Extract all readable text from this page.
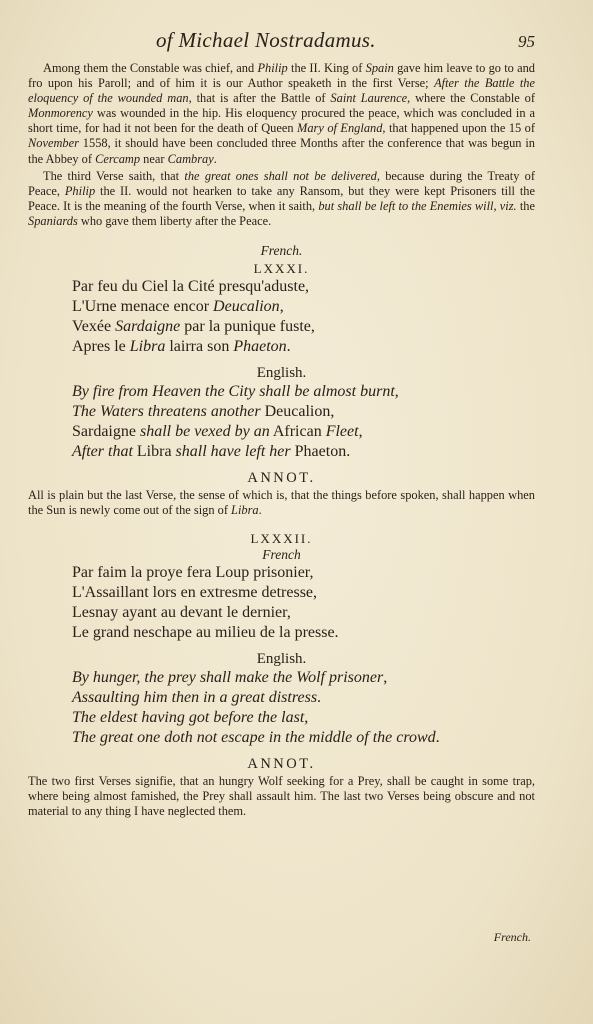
of Michael Nostradamus.	95

Among them the Constable was chief, and Philip the II. King of Spain gave him leave to go to and fro upon his Paroll; and of him it is our Author speaketh in the first Verse; After the Battle the eloquency of the wounded man, that is after the Battle of Saint Laurence, where the Constable of Monmorency was wounded in the hip. His eloquency procured the peace, which was concluded in a short time, for had it not been for the death of Queen Mary of England, that happened upon the 15 of November 1558, it should have been concluded three Months after the conference that was begun in the Abbey of Cercamp near Cambray.

The third Verse saith, that the great ones shall not be delivered, because during the Treaty of Peace, Philip the II. would not hearken to take any Ransom, but they were kept Prisoners till the Peace. It is the meaning of the fourth Verse, when it saith, but shall be left to the Enemies will, viz. the Spaniards who gave them liberty after the Peace.

French.
LXXXI.
Par feu du Ciel la Cité presqu'aduste,
L'Urne menace encor Deucalion,
Vexée Sardaigne par la punique fuste,
Apres le Libra lairra son Phaeton.
English.
By fire from Heaven the City shall be almost burnt,
The Waters threatens another Deucalion,
Sardaigne shall be vexed by an African Fleet,
After that Libra shall have left her Phaeton.
ANNOT.

All is plain but the last Verse, the sense of which is, that the things before spoken, shall happen when the Sun is newly come out of the sign of Libra.

LXXXII.
French
Par faim la proye fera Loup prisonier,
L'Assaillant lors en extresme detresse,
Lesnay ayant au devant le dernier,
Le grand neschape au milieu de la presse.
English.
By hunger, the prey shall make the Wolf prisoner,
Assaulting him then in a great distress.
The eldest having got before the last,
The great one doth not escape in the middle of the crowd.
ANNOT.

The two first Verses signifie, that an hungry Wolf seeking for a Prey, shall be caught in some trap, where being almost famished, the Prey shall assault him. The last two Verses being obscure and not material to any thing I have neglected them.

French.
